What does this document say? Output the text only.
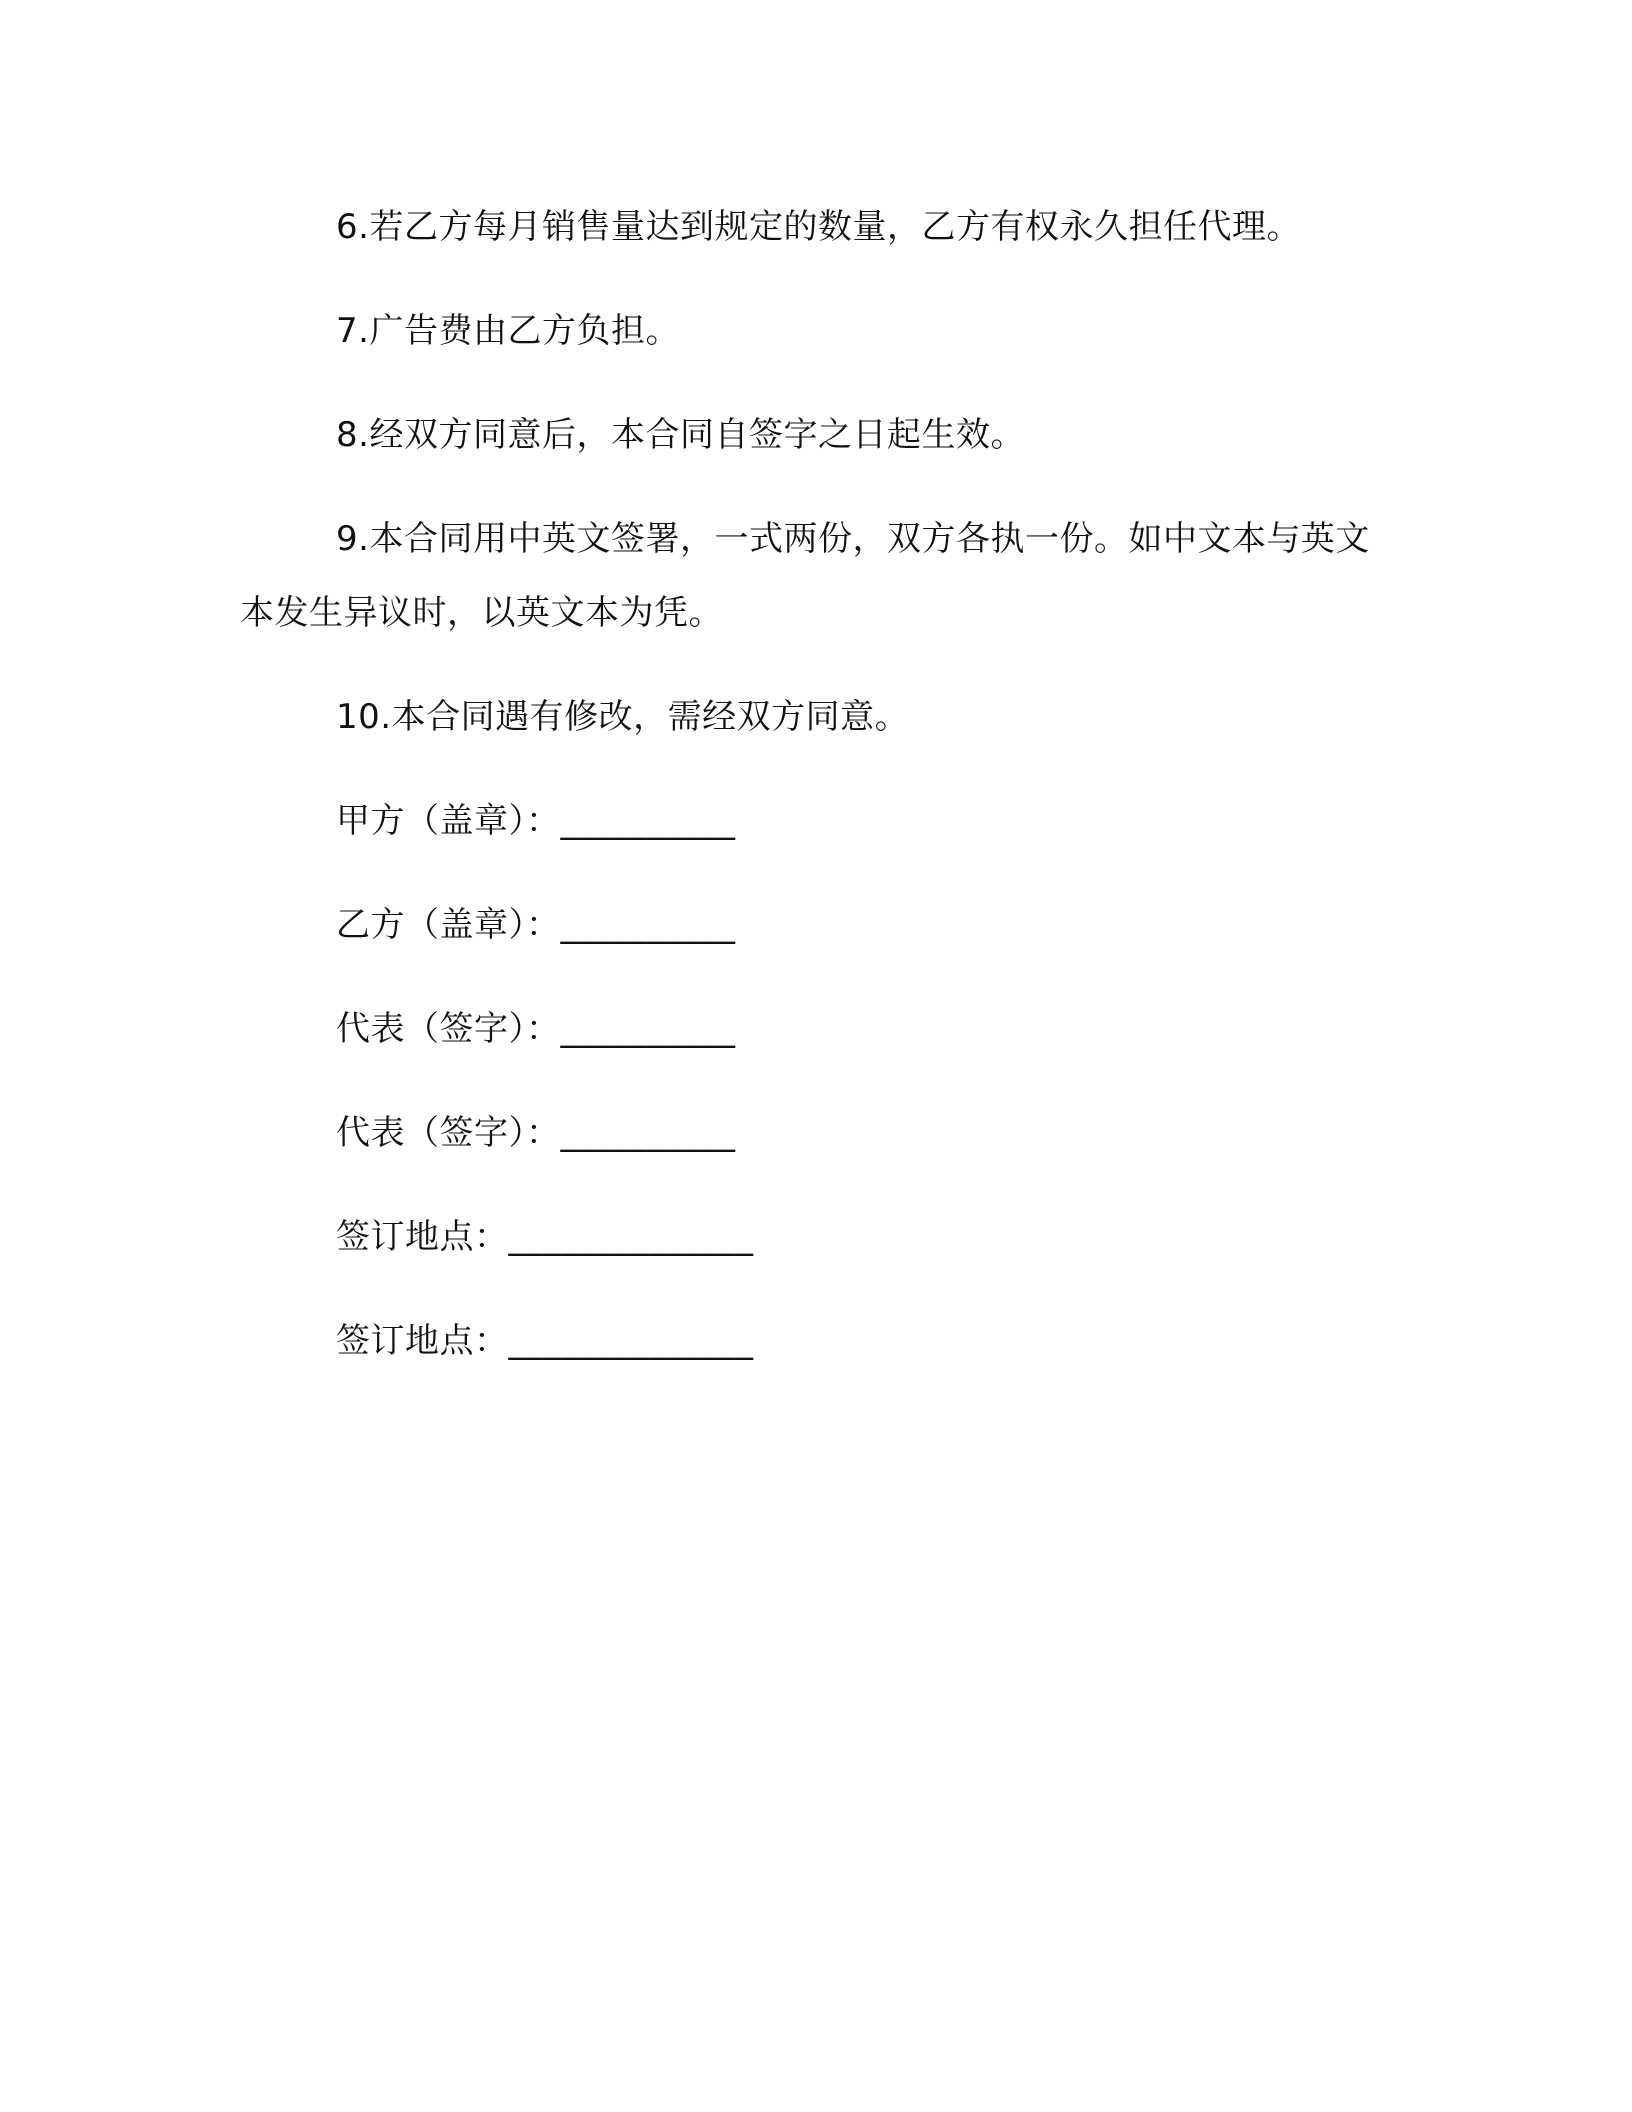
6.若乙方每月销售量达到规定的数量，乙方有权永久担任代理。

7.广告费由乙方负担。

8.经双方同意后，本合同自签字之日起生效。

9.本合同用中英文签署，一式两份，双方各执一份。如中文本与英文本发生异议时，以英文本为凭。

10.本合同遇有修改，需经双方同意。

甲方（盖章）：__________

乙方（盖章）：__________

代表（签字）：__________

代表（签字）：__________

签订地点：______________

签订地点：______________
